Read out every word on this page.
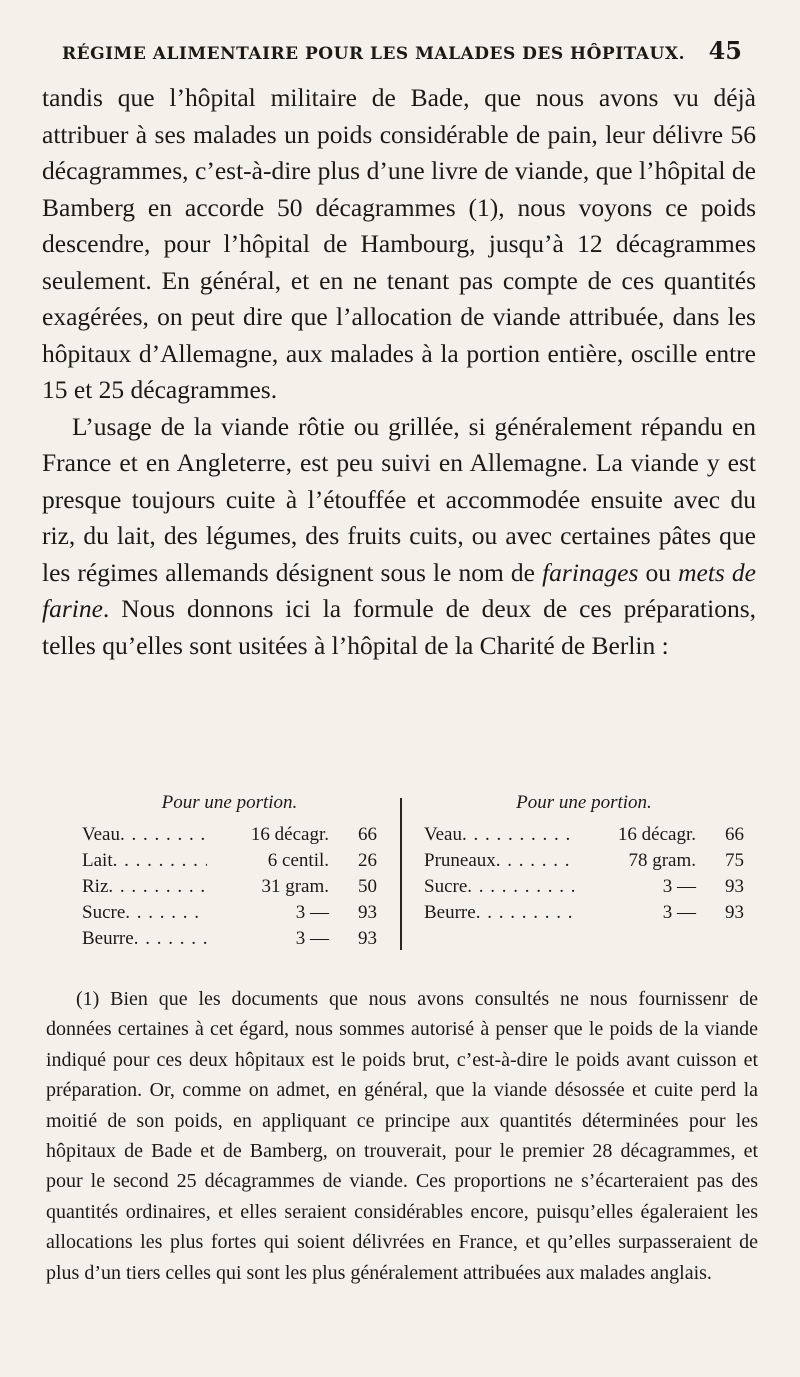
RÉGIME ALIMENTAIRE POUR LES MALADES DES HÔPITAUX. 45

tandis que l’hôpital militaire de Bade, que nous avons vu déjà attribuer à ses malades un poids considérable de pain, leur délivre 56 décagrammes, c’est-à-dire plus d’une livre de viande, que l’hôpital de Bamberg en accorde 50 décagrammes (1), nous voyons ce poids descendre, pour l’hôpital de Hambourg, jusqu’à 12 décagrammes seulement. En général, et en ne tenant pas compte de ces quantités exagérées, on peut dire que l’allocation de viande attribuée, dans les hôpitaux d’Allemagne, aux malades à la portion entière, oscille entre 15 et 25 décagrammes.

L’usage de la viande rôtie ou grillée, si généralement répandu en France et en Angleterre, est peu suivi en Allemagne. La viande y est presque toujours cuite à l’étouffée et accommodée ensuite avec du riz, du lait, des légumes, des fruits cuits, ou avec certaines pâtes que les régimes allemands désignent sous le nom de farinages ou mets de farine. Nous donnons ici la formule de deux de ces préparations, telles qu’elles sont usitées à l’hôpital de la Charité de Berlin :

Pour une portion.
Veau . . .	16 décagr.	66
Lait . . .	6 centil.	26
Riz . . .	31 gram.	50
Sucre . . .	3 —	93
Beurre . . .	3 —	93
Pour une portion.
Veau . . .	16 décagr.	66
Pruneaux . . .	78 gram.	75
Sucre . . .	3 —	93
Beurre . . .	3 —	93

(1) Bien que les documents que nous avons consultés ne nous fournissenr de données certaines à cet égard, nous sommes autorisé à penser que le poids de la viande indiqué pour ces deux hôpitaux est le poids brut, c’est-à-dire le poids avant cuisson et préparation. Or, comme on admet, en général, que la viande désossée et cuite perd la moitié de son poids, en appliquant ce principe aux quantités déterminées pour les hôpitaux de Bade et de Bamberg, on trouverait, pour le premier 28 décagrammes, et pour le second 25 décagrammes de viande. Ces proportions ne s’écarteraient pas des quantités ordinaires, et elles seraient considérables encore, puisqu’elles égaleraient les allocations les plus fortes qui soient délivrées en France, et qu’elles surpasseraient de plus d’un tiers celles qui sont les plus généralement attribuées aux malades anglais.
